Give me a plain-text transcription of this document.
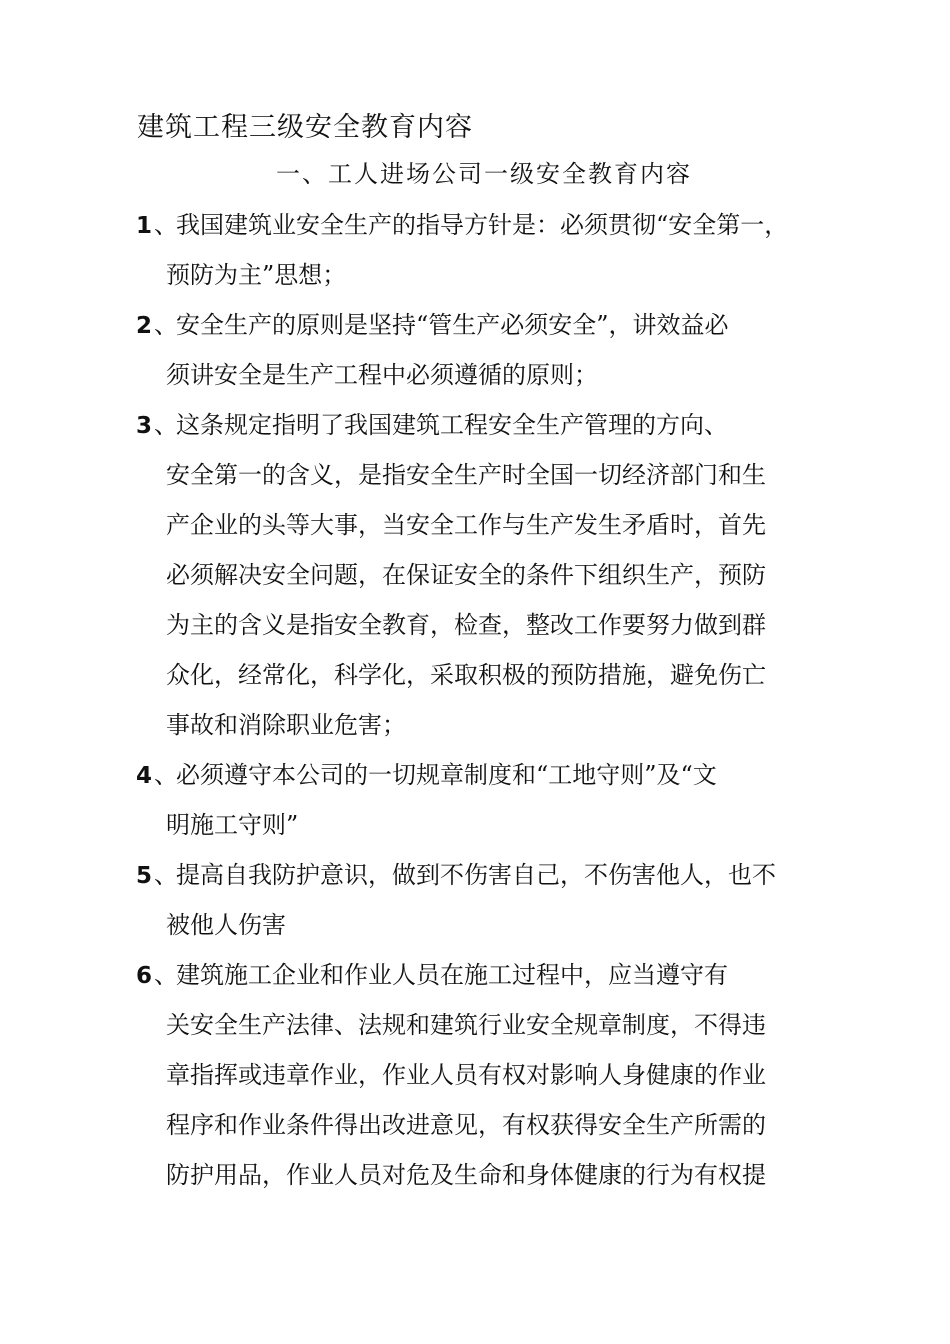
建筑工程三级安全教育内容
一、工人进场公司一级安全教育内容
1、我国建筑业安全生产的指导方针是：必须贯彻“安全第一，
预防为主”思想；
2、安全生产的原则是坚持“管生产必须安全”，讲效益必
须讲安全是生产工程中必须遵循的原则；
3、这条规定指明了我国建筑工程安全生产管理的方向、
安全第一的含义，是指安全生产时全国一切经济部门和生
产企业的头等大事，当安全工作与生产发生矛盾时，首先
必须解决安全问题，在保证安全的条件下组织生产，预防
为主的含义是指安全教育，检查，整改工作要努力做到群
众化，经常化，科学化，采取积极的预防措施，避免伤亡
事故和消除职业危害；
4、必须遵守本公司的一切规章制度和“工地守则”及“文
明施工守则”
5、提高自我防护意识，做到不伤害自己，不伤害他人，也不
被他人伤害
6、建筑施工企业和作业人员在施工过程中，应当遵守有
关安全生产法律、法规和建筑行业安全规章制度，不得违
章指挥或违章作业，作业人员有权对影响人身健康的作业
程序和作业条件得出改进意见，有权获得安全生产所需的
防护用品，作业人员对危及生命和身体健康的行为有权提
